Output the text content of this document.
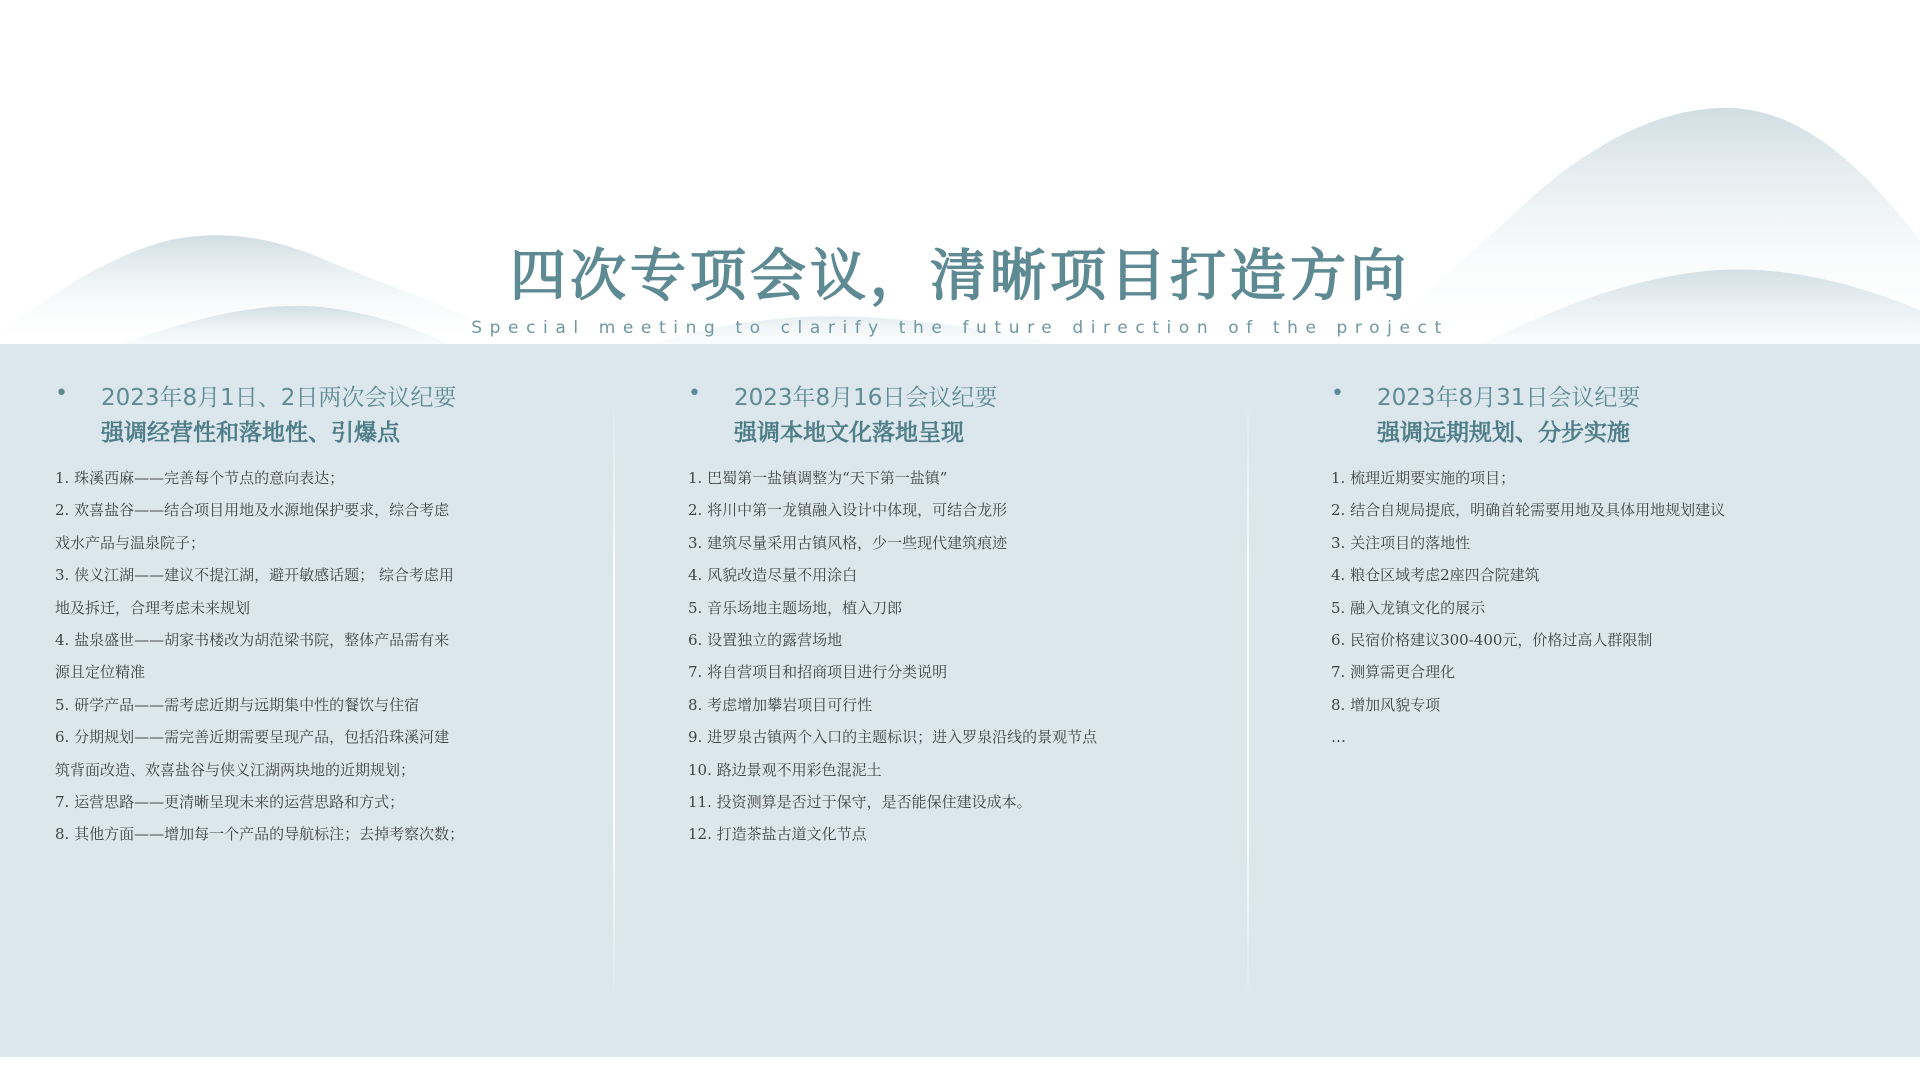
四次专项会议，清晰项目打造方向

Special meeting to clarify the future direction of the project

• 2023年8月1日、2日两次会议纪要
强调经营性和落地性、引爆点
1. 珠溪西麻——完善每个节点的意向表达；
2. 欢喜盐谷——结合项目用地及水源地保护要求，综合考虑
戏水产品与温泉院子；
3. 侠义江湖——建议不提江湖，避开敏感话题； 综合考虑用
地及拆迁，合理考虑未来规划
4. 盐泉盛世——胡家书楼改为胡范梁书院，整体产品需有来
源且定位精准
5. 研学产品——需考虑近期与远期集中性的餐饮与住宿
6. 分期规划——需完善近期需要呈现产品，包括沿珠溪河建
筑背面改造、欢喜盐谷与侠义江湖两块地的近期规划；
7. 运营思路——更清晰呈现未来的运营思路和方式；
8. 其他方面——增加每一个产品的导航标注；去掉考察次数；
• 2023年8月16日会议纪要
强调本地文化落地呈现
1. 巴蜀第一盐镇调整为“天下第一盐镇”
2. 将川中第一龙镇融入设计中体现，可结合龙形
3. 建筑尽量采用古镇风格，少一些现代建筑痕迹
4. 风貌改造尽量不用涂白
5. 音乐场地主题场地，植入刀郎
6. 设置独立的露营场地
7. 将自营项目和招商项目进行分类说明
8. 考虑增加攀岩项目可行性
9. 进罗泉古镇两个入口的主题标识；进入罗泉沿线的景观节点
10. 路边景观不用彩色混泥土
11. 投资测算是否过于保守，是否能保住建设成本。
12. 打造茶盐古道文化节点
• 2023年8月31日会议纪要
强调远期规划、分步实施
1. 梳理近期要实施的项目；
2. 结合自规局提底，明确首轮需要用地及具体用地规划建议
3. 关注项目的落地性
4. 粮仓区域考虑2座四合院建筑
5. 融入龙镇文化的展示
6. 民宿价格建议300-400元，价格过高人群限制
7. 测算需更合理化
8. 增加风貌专项
…
